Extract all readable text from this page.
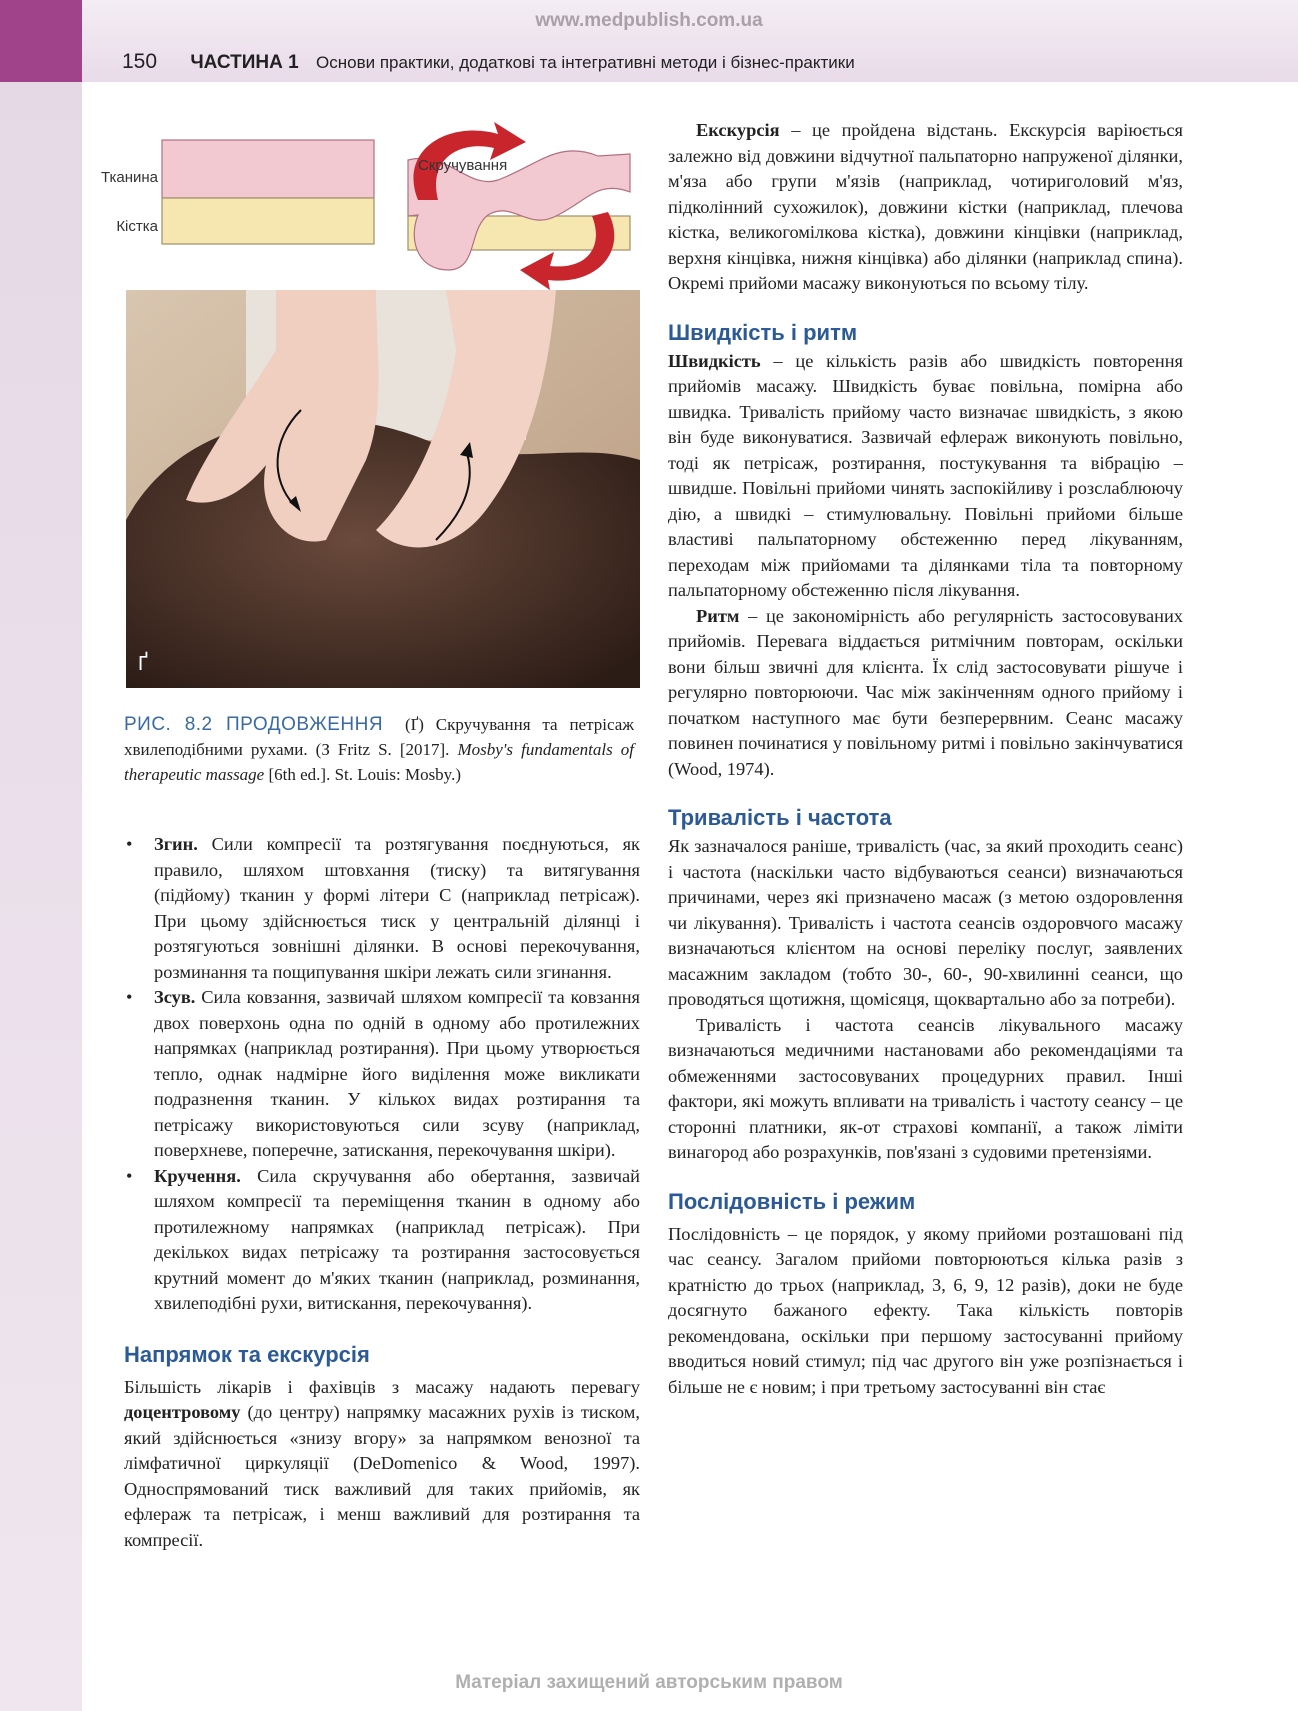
www.medpublish.com.ua
150 ЧАСТИНА 1 Основи практики, додаткові та інтегративні методи і бізнес-практики
Тканина
Кістка
Скручування
Ґ
РИС. 8.2 ПРОДОВЖЕННЯ (Ґ) Скручування та петрісаж хвилеподібними рухами. (З Fritz S. [2017]. Mosby's fundamentals of therapeutic massage [6th ed.]. St. Louis: Mosby.)
• Згин. Сили компресії та розтягування поєднуються, як правило, шляхом штовхання (тиску) та витягування (підйому) тканин у формі літери С (наприклад петрісаж). При цьому здійснюється тиск у центральній ділянці і розтягуються зовнішні ділянки. В основі перекочування, розминання та пощипування шкіри лежать сили згинання.
• Зсув. Сила ковзання, зазвичай шляхом компресії та ковзання двох поверхонь одна по одній в одному або протилежних напрямках (наприклад розтирання). При цьому утворюється тепло, однак надмірне його виділення може викликати подразнення тканин. У кількох видах розтирання та петрісажу використовуються сили зсуву (наприклад, поверхневе, поперечне, затискання, перекочування шкіри).
• Кручення. Сила скручування або обертання, зазвичай шляхом компресії та переміщення тканин в одному або протилежному напрямках (наприклад петрісаж). При декількох видах петрісажу та розтирання застосовується крутний момент до м'яких тканин (наприклад, розминання, хвилеподібні рухи, витискання, перекочування).
Напрямок та екскурсія

Більшість лікарів і фахівців з масажу надають перевагу доцентровому (до центру) напрямку масажних рухів із тиском, який здійснюється «знизу вгору» за напрямком венозної та лімфатичної циркуляції (DeDomenico & Wood, 1997). Односпрямований тиск важливий для таких прийомів, як ефлераж та петрісаж, і менш важливий для розтирання та компресії.

Екскурсія – це пройдена відстань. Екскурсія варіюється залежно від довжини відчутної пальпаторно напруженої ділянки, м'яза або групи м'язів (наприклад, чотириголовий м'яз, підколінний сухожилок), довжини кістки (наприклад, плечова кістка, великогомілкова кістка), довжини кінцівки (наприклад, верхня кінцівка, нижня кінцівка) або ділянки (наприклад спина). Окремі прийоми масажу виконуються по всьому тілу.

Швидкість і ритм

Швидкість – це кількість разів або швидкість повторення прийомів масажу. Швидкість буває повільна, помірна або швидка. Тривалість прийому часто визначає швидкість, з якою він буде виконуватися. Зазвичай ефлераж виконують повільно, тоді як петрісаж, розтирання, постукування та вібрацію – швидше. Повільні прийоми чинять заспокійливу і розслаблюючу дію, а швидкі – стимулювальну. Повільні прийоми більше властиві пальпаторному обстеженню перед лікуванням, переходам між прийомами та ділянками тіла та повторному пальпаторному обстеженню після лікування.

Ритм – це закономірність або регулярність застосовуваних прийомів. Перевага віддається ритмічним повторам, оскільки вони більш звичні для клієнта. Їх слід застосовувати рішуче і регулярно повторюючи. Час між закінченням одного прийому і початком наступного має бути безперервним. Сеанс масажу повинен починатися у повільному ритмі і повільно закінчуватися (Wood, 1974).

Тривалість і частота

Як зазначалося раніше, тривалість (час, за який проходить сеанс) і частота (наскільки часто відбуваються сеанси) визначаються причинами, через які призначено масаж (з метою оздоровлення чи лікування). Тривалість і частота сеансів оздоровчого масажу визначаються клієнтом на основі переліку послуг, заявлених масажним закладом (тобто 30-, 60-, 90-хвилинні сеанси, що проводяться щотижня, щомісяця, щоквартально або за потреби).

Тривалість і частота сеансів лікувального масажу визначаються медичними настановами або рекомендаціями та обмеженнями застосовуваних процедурних правил. Інші фактори, які можуть впливати на тривалість і частоту сеансу – це сторонні платники, як-от страхові компанії, а також ліміти винагород або розрахунків, пов'язані з судовими претензіями.

Послідовність і режим

Послідовність – це порядок, у якому прийоми розташовані під час сеансу. Загалом прийоми повторюються кілька разів з кратністю до трьох (наприклад, 3, 6, 9, 12 разів), доки не буде досягнуто бажаного ефекту. Така кількість повторів рекомендована, оскільки при першому застосуванні прийому вводиться новий стимул; під час другого він уже розпізнається і більше не є новим; і при третьому застосуванні він стає

Матеріал захищений авторським правом
